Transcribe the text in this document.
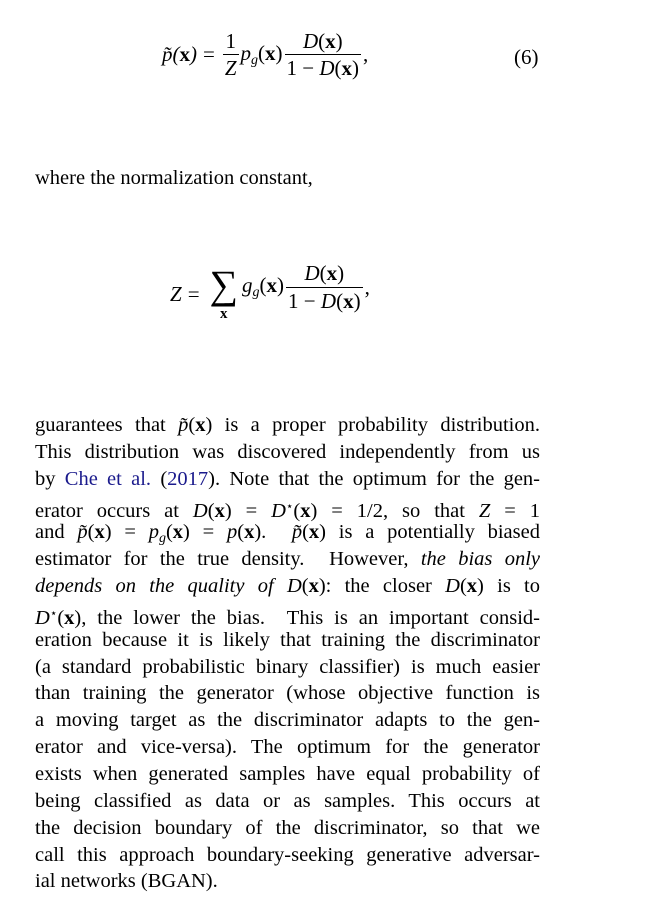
p̃(x) = $\frac{1}{Z} p_g(x) \frac{D(x)}{1 - D(x)}$ ,	(6)
where the normalization constant,
Z = ∑
x
$g_g(x) \frac{D(x)}{1 - D(x)}$ ,
guarantees that p̃(x) is a proper probability distribution.
This distribution was discovered independently from us
by Che et al. (2017). Note that the optimum for the gen-
erator occurs at D(x) = D⋆(x) = 1/2, so that Z = 1
and p̃(x) = $p_g(x) = p(x)$.  p̃(x) is a potentially biased
estimator for the true density.  However, the bias only
depends on the quality of D(x): the closer D(x) is to
D⋆(x), the lower the bias.  This is an important consid-
eration because it is likely that training the discriminator
(a standard probabilistic binary classifier) is much easier
than training the generator (whose objective function is
a moving target as the discriminator adapts to the gen-
erator and vice-versa). The optimum for the generator
exists when generated samples have equal probability of
being classified as data or as samples. This occurs at
the decision boundary of the discriminator, so that we
call this approach boundary-seeking generative adversar-
ial networks (BGAN).
